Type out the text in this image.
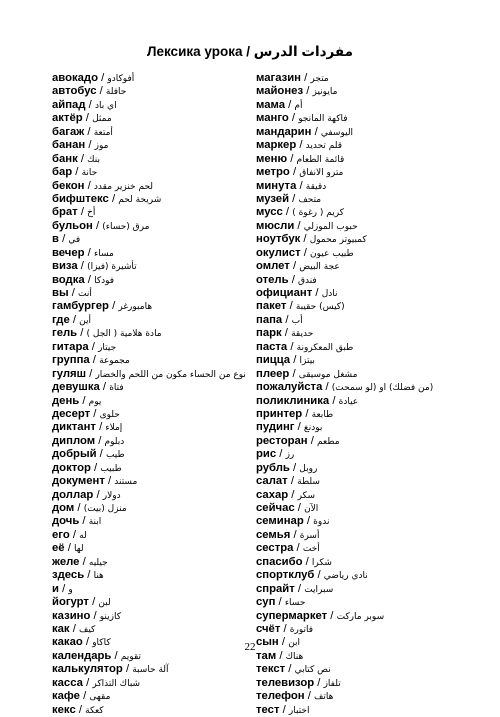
Лексика урока / مفردات الدرس
авокадо / أفوكادو
автобус / حافلة
айпад / اي باد
актёр / ممثل
багаж / أمتعة
банан / موز
банк / بنك
бар / حانة
бекон / لحم خنزير مقدد
бифштекс / شريحة لحم
брат / أخ
бульон / مرق (حساء)
в / في
вечер / مساء
виза / تأشيرة (فيزا)
водка / فودكا
вы / أنت
гамбургер / هامبورغر
где / أين
гель / مادة هلامية ( الجل )
гитара / جيتار
группа / مجموعة
гуляш / نوع من الحساء مكون من اللحم والخضار
девушка / فتاة
день / يوم
десерт / حلوى
диктант / إملاء
диплом / دبلوم
добрый / طيب
доктор / طبيب
документ / مستند
доллар / دولار
дом / منزل (بيت)
дочь / ابنة
его / له
её / لها
желе / جيليه
здесь / هنا
и / و
йогурт / لبن
казино / كازينو
как / كيف
какао / كاكاو
календарь / تقويم
калькулятор / آلة حاسبة
касса / شباك التذاكر
кафе / مقهى
кекс / كعكة
магазин / متجر
майонез / مايونيز
мама / أم
манго / فاكهة المانجو
мандарин / اليوسفي
маркер / قلم تحديد
меню / قائمة الطعام
метро / مترو الانفاق
минута / دقيقة
музей / متحف
мусс / كريم ( رغوة )
мюсли / حبوب الموزلي
ноутбук / كمبيوتر محمول
окулист / طبيب عيون
омлет / عجة البيض
отель / فندق
официант / نادل
пакет / (كيس) حقيبة
папа / أب
парк / حديقة
паста / طبق المعكرونة
пицца / بيتزا
плеер / مشغل موسيقى
пожалуйста / (من فضلك) او (لو سمحت)
поликлиника / عيادة
принтер / طابعة
пудинг / بودنغ
ресторан / مطعم
рис / رز
рубль / روبل
салат / سلطة
сахар / سكر
сейчас / الآن
семинар / ندوة
семья / أسرة
сестра / أخت
спасибо / شكرا
спортклуб / نادي رياضي
спрайт / سبرايت
суп / حساء
супермаркет / سوبر ماركت
счёт / فاتورة
сын / ابن
там / هناك
текст / نص كتابي
телевизор / تلفاز
телефон / هاتف
тест / اختبار
22
